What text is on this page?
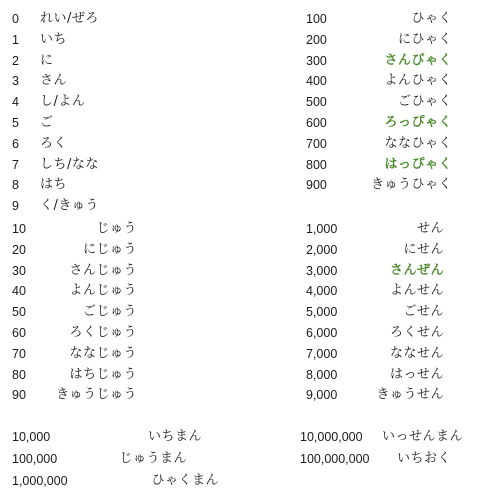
0 れい/ぜろ
1 いち
2 に
3 さん
4 し/よん
5 ご
6 ろく
7 しち/なな
8 はち
9 く/きゅう
10	じゅう
20	にじゅう
30	さんじゅう
40	よんじゅう
50	ごじゅう
60	ろくじゅう
70	ななじゅう
80	はちじゅう
90 きゅうじゅう
100	ひゃく
200	にひゃく
300	さんびゃく
400	よんひゃく
500	ごひゃく
600	ろっぴゃく
700	ななひゃく
800	はっぴゃく
900	きゅうひゃく
1,000	せん
2,000	にせん
3,000	さんぜん
4,000	よんせん
5,000	ごせん
6,000	ろくせん
7,000	ななせん
8,000	はっせん
9,000	きゅうせん
10,000	いちまん
100,000	じゅうまん
1,000,000	ひゃくまん
10,000,000 いっせんまん
100,000,000 いちおく
